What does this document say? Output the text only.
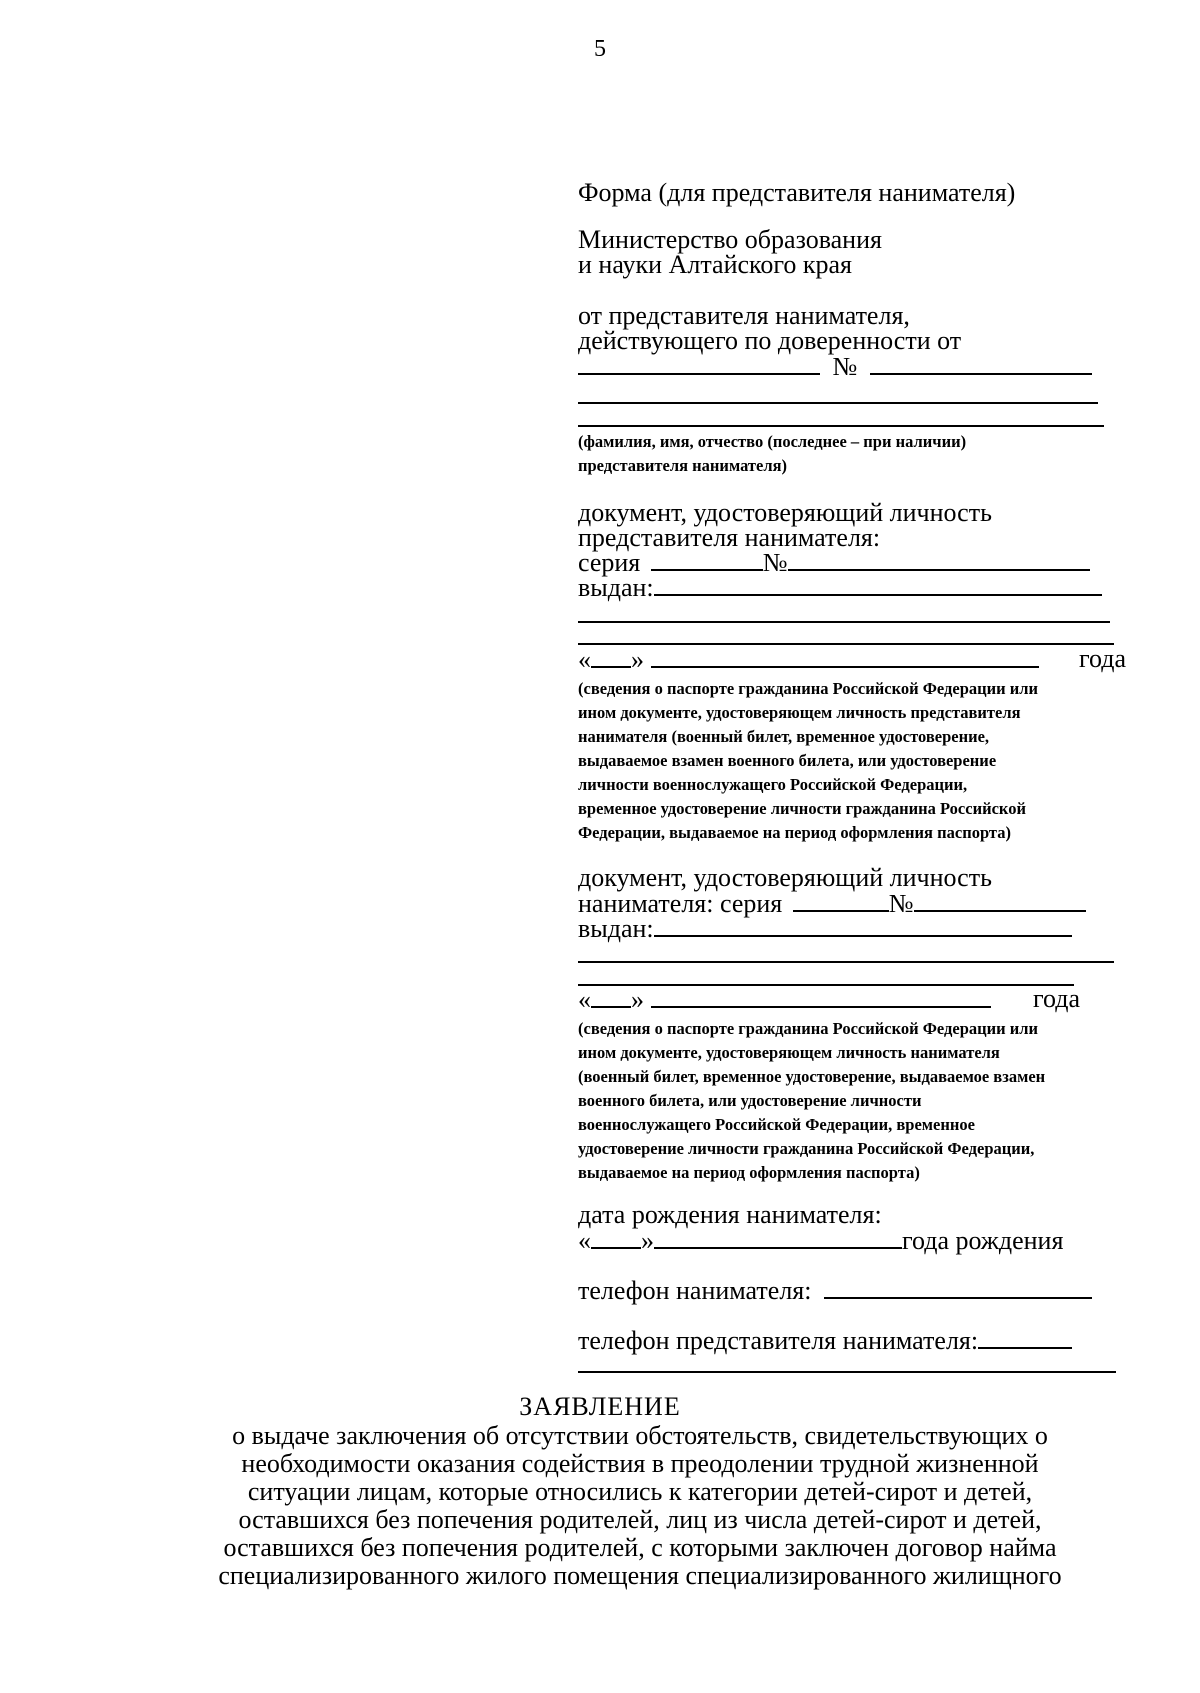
5
Форма (для представителя нанимателя)
Министерство образования
и науки Алтайского края
от представителя нанимателя,
действующего по доверенности от
№
(фамилия, имя, отчество (последнее – при наличии)
представителя нанимателя)
документ, удостоверяющий личность
представителя нанимателя:
серия	№
выдан:
« »	года
(сведения о паспорте гражданина Российской Федерации или
ином документе, удостоверяющем личность представителя
нанимателя (военный билет, временное удостоверение,
выдаваемое взамен военного билета, или удостоверение
личности военнослужащего Российской Федерации,
временное удостоверение личности гражданина Российской
Федерации, выдаваемое на период оформления паспорта)
документ, удостоверяющий личность
нанимателя: серия	№
выдан:
« »	года
(сведения о паспорте гражданина Российской Федерации или
ином документе, удостоверяющем личность нанимателя
(военный билет, временное удостоверение, выдаваемое взамен
военного билета, или удостоверение личности
военнослужащего Российской Федерации, временное
удостоверение личности гражданина Российской Федерации,
выдаваемое на период оформления паспорта)
дата рождения нанимателя:
« »	года рождения
телефон нанимателя:
телефон представителя нанимателя:
ЗАЯВЛЕНИЕ
о выдаче заключения об отсутствии обстоятельств, свидетельствующих о
необходимости оказания содействия в преодолении трудной жизненной
ситуации лицам, которые относились к категории детей-сирот и детей,
оставшихся без попечения родителей, лиц из числа детей-сирот и детей,
оставшихся без попечения родителей, с которыми заключен договор найма
специализированного жилого помещения специализированного жилищного
